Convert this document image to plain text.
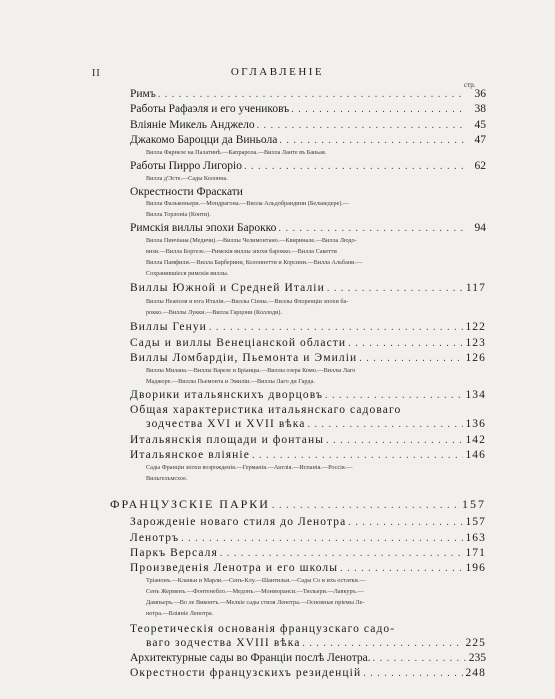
II	ОГЛАВЛЕНІЕ
стр.
Римъ . . .	36
Работы Рафаэля и его учениковъ . . .	38
Вліяніе Микель Анджело . . .	45
Джакомо Бароцци да Виньола . . .	47
Вилла Фарнезе на Палатинѣ.—Капрарола.—Вилла Ланте въ Баньая.
Работы Пирро Лигоріо . . .	62
Вилла д'Эсте.—Сады Колонна.
Окрестности Фраскати
Вилла Фальконьери.—Мондрагона.—Вилла Альдобрандини (Бельведере).—
Вилла Торлоніа (Конти).
Римскія виллы эпохи Барокко . . .	94
Вилла Пинчіана (Медичи).—Виллы Челимонтано.—Квиринале.—Вилла Людо-
визи.—Вилла Боргезе.—Римскія виллы эпохи барокко.—Вилла Сакетти
Вилла Памфили.—Вилла Барберини, Колоннетти и Корсини.—Вилла Альбани.—
Сохранившіеся римскія виллы.
Виллы Южной и Средней Италіи . . .	117
Виллы Неаполя и юга Италіи.—Виллы Сіены.—Виллы Флоренціи эпохи ба-
рокко.—Виллы Лукки.—Вилла Гарцони (Коллоди).
Виллы Генуи . . .	122
Сады и виллы Венеціанской области . . .	123
Виллы Ломбардіи, Пьемонта и Эмиліи . . .	126
Виллы Милана.—Виллы Варезе и Бріанцы.—Виллы озера Комо.—Виллы Лаго
Маджоре.—Виллы Пьемонта и Эмиліи.—Виллы Лаго ди Гарда.
Дворики итальянскихъ дворцовъ . . .	134
Общая характеристика итальянскаго садоваго
зодчества XVI и XVII вѣка . . .	136
Итальянскія площади и фонтаны . . .	142
Итальянское вліяніе . . .	146
Сады Франціи эпохи возрожденія.—Германія.—Англія.—Испанія.—Россія.—
Вильгельмсхое.
ФРАНЦУЗСКІЕ ПАРКИ . . .	157
Зарожденіе новаго стиля до Ленотра . . .	157
Ленотръ . . .	163
Паркъ Версаля . . .	171
Произведенія Ленотра и его школы . . .	196
Тріанонъ.—Кланьи и Марли.—Сенъ-Клу.—Шантильи.—Сады Со и ихъ остатки.—
Сенъ Жерменъ.—Фонтенебло.—Медонъ.—Монморанси.—Тюльери.—Лавкуръ.—
Дампьеръ.—Во ле Виконтъ.—Мелкіе сады стиля Ленотра.—Основные пріемы Ле-
нотра.—Вліяніе Ленотра.
Теоретическія основанія французскаго садо-
ваго зодчества XVIII вѣка . . .	225
Архитектурные сады во Франціи послѣ Ленотра. . . .	235
Окрестности французскихъ резиденцій . . .	248
